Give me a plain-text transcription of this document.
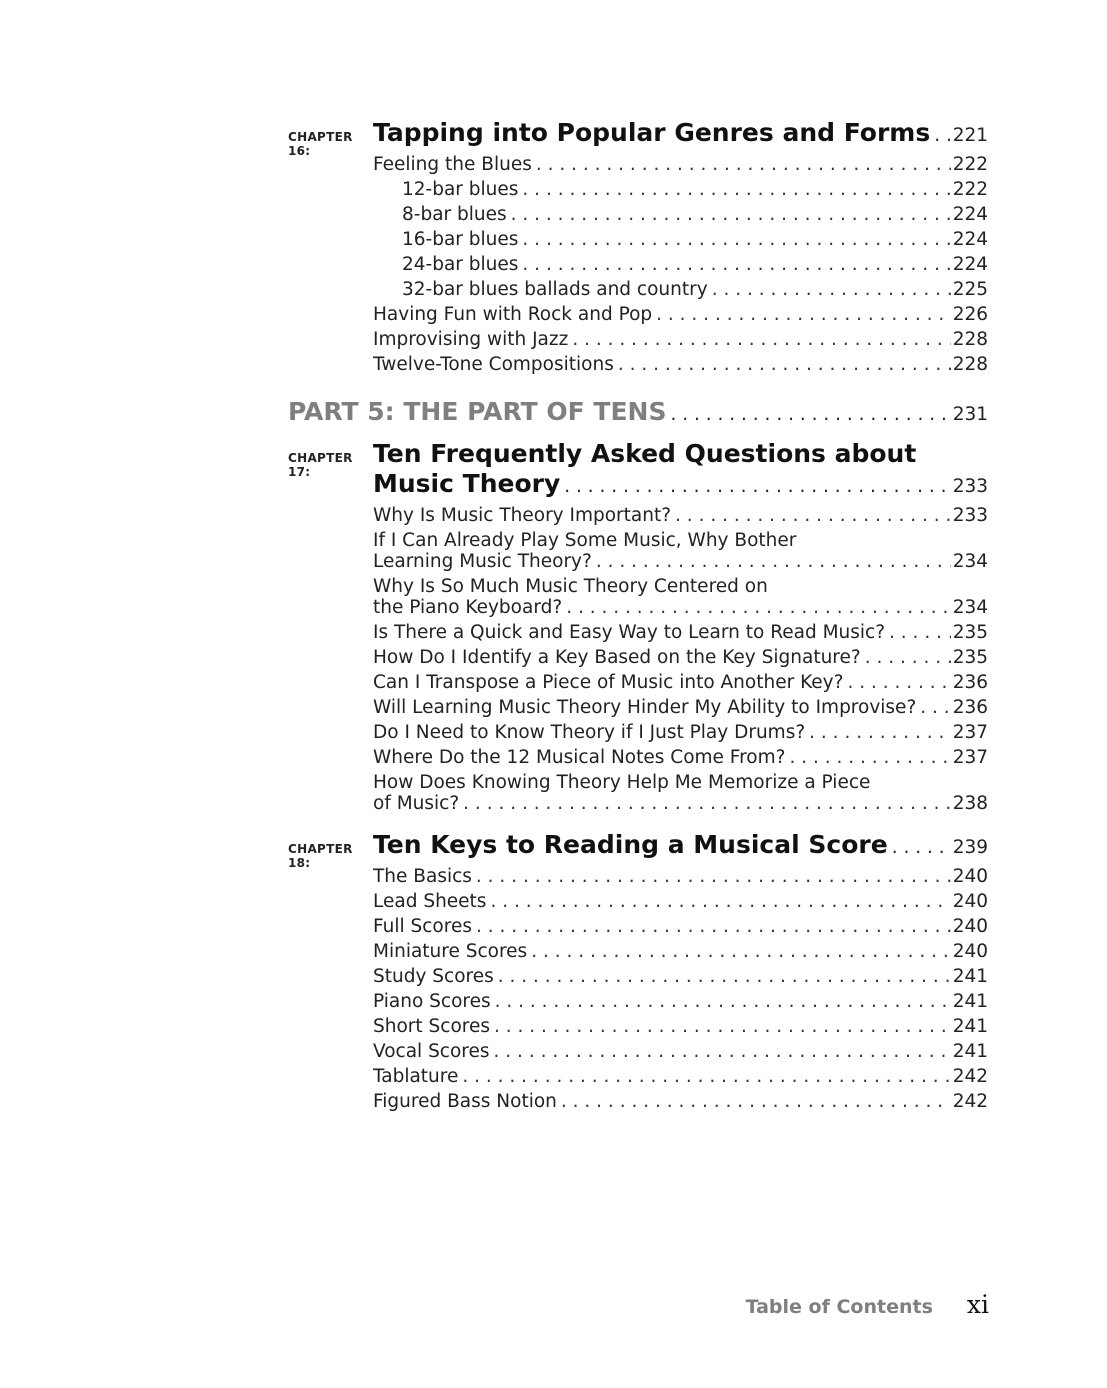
CHAPTER 16:
Tapping into Popular Genres and Forms . . . 221
Feeling the Blues . . .	222
12-bar blues . . .	222
8-bar blues . . .	224
16-bar blues . . .	224
24-bar blues . . .	224
32-bar blues ballads and country . . .	225
Having Fun with Rock and Pop . . .	226
Improvising with Jazz . . .	228
Twelve-Tone Compositions . . .	228
PART 5: THE PART OF TENS . . .	231
CHAPTER 17:
Ten Frequently Asked Questions about
Music Theory . . .	233
Why Is Music Theory Important? . . .	233
If I Can Already Play Some Music, Why Bother
Learning Music Theory? . . .	234
Why Is So Much Music Theory Centered on
the Piano Keyboard? . . .	234
Is There a Quick and Easy Way to Learn to Read Music? . . .	235
How Do I Identify a Key Based on the Key Signature? . . .	235
Can I Transpose a Piece of Music into Another Key? . . .	236
Will Learning Music Theory Hinder My Ability to Improvise? . . . 236
Do I Need to Know Theory if I Just Play Drums? . . .	237
Where Do the 12 Musical Notes Come From? . . .	237
How Does Knowing Theory Help Me Memorize a Piece
of Music? . . .	238
CHAPTER 18:
Ten Keys to Reading a Musical Score . . .	239
The Basics . . .	240
Lead Sheets . . .	240
Full Scores . . .	240
Miniature Scores . . .	240
Study Scores . . .	241
Piano Scores . . .	241
Short Scores . . .	241
Vocal Scores . . .	241
Tablature . . .	242
Figured Bass Notion . . .	242
Table of Contents xi
